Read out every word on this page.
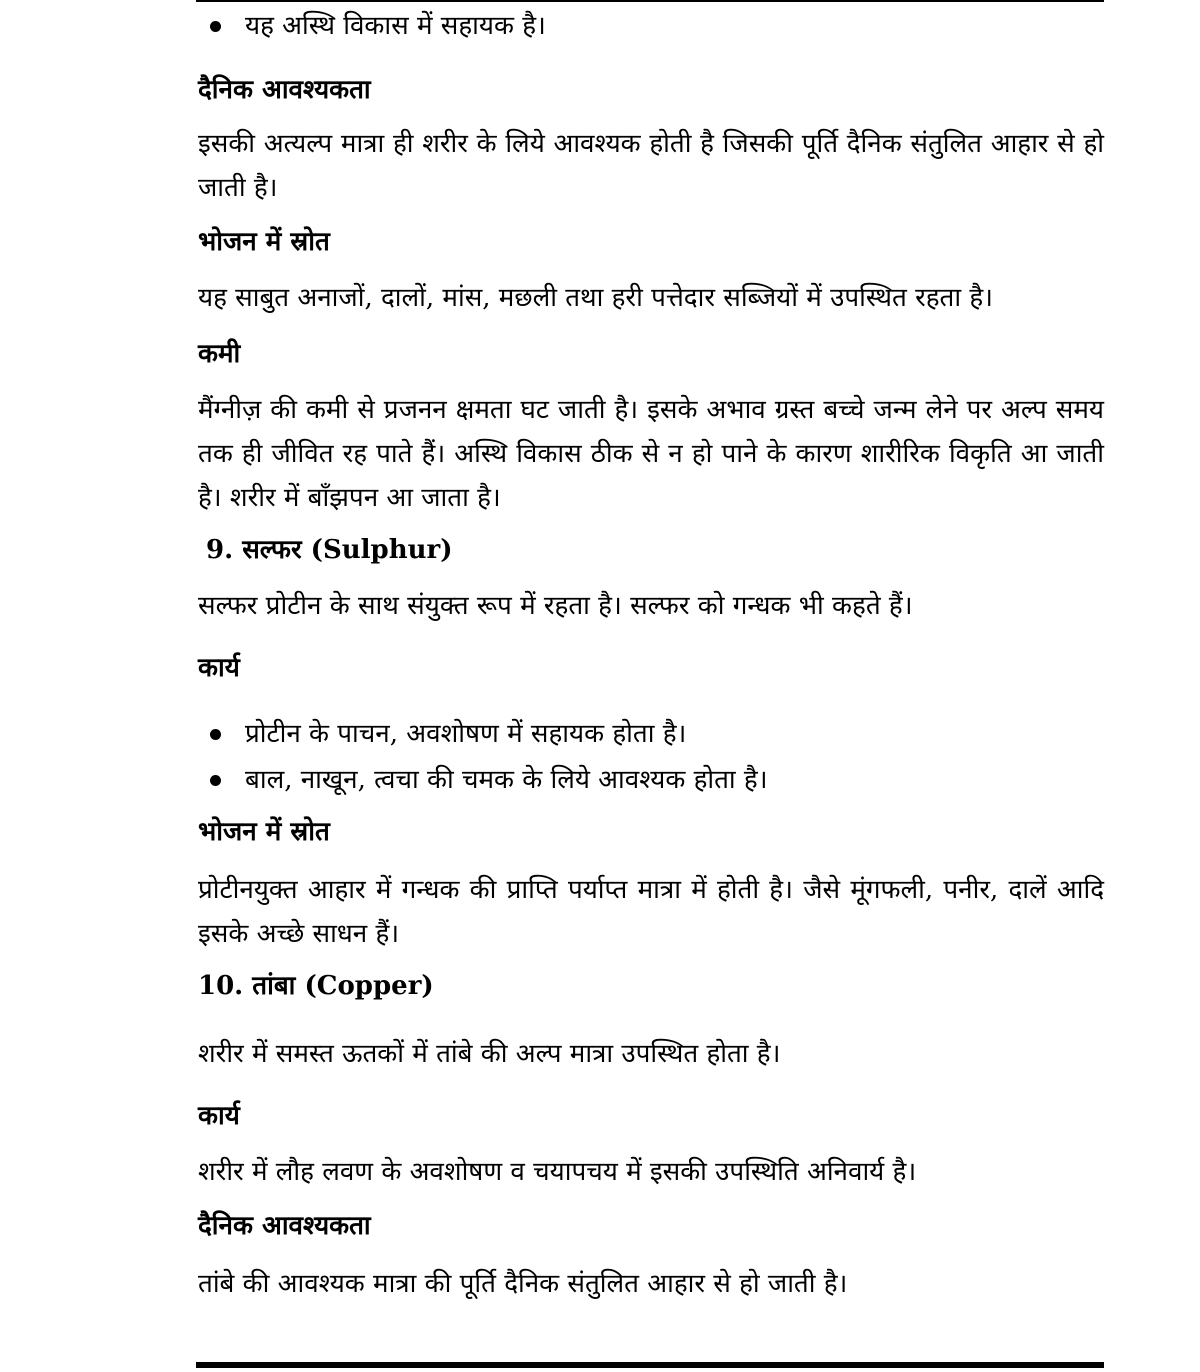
यह अस्थि विकास में सहायक है।
दैनिक आवश्यकता

इसकी अत्यल्प मात्रा ही शरीर के लिये आवश्यक होती है जिसकी पूर्ति दैनिक संतुलित आहार से हो जाती है।

भोजन में स्रोत

यह साबुत अनाजों, दालों, मांस, मछली तथा हरी पत्तेदार सब्जियों में उपस्थित रहता है।

कमी

मैंग्नीज़ की कमी से प्रजनन क्षमता घट जाती है। इसके अभाव ग्रस्त बच्चे जन्म लेने पर अल्प समय तक ही जीवित रह पाते हैं। अस्थि विकास ठीक से न हो पाने के कारण शारीरिक विकृति आ जाती है। शरीर में बाँझपन आ जाता है।

9. सल्फर (Sulphur)

सल्फर प्रोटीन के साथ संयुक्त रूप में रहता है। सल्फर को गन्धक भी कहते हैं।

कार्य
प्रोटीन के पाचन, अवशोषण में सहायक होता है।
बाल, नाखून, त्वचा की चमक के लिये आवश्यक होता है।
भोजन में स्रोत

प्रोटीनयुक्त आहार में गन्धक की प्राप्ति पर्याप्त मात्रा में होती है। जैसे मूंगफली, पनीर, दालें आदि इसके अच्छे साधन हैं।

10. तांबा (Copper)

शरीर में समस्त ऊतकों में तांबे की अल्प मात्रा उपस्थित होता है।

कार्य

शरीर में लौह लवण के अवशोषण व चयापचय में इसकी उपस्थिति अनिवार्य है।

दैनिक आवश्यकता

तांबे की आवश्यक मात्रा की पूर्ति दैनिक संतुलित आहार से हो जाती है।
